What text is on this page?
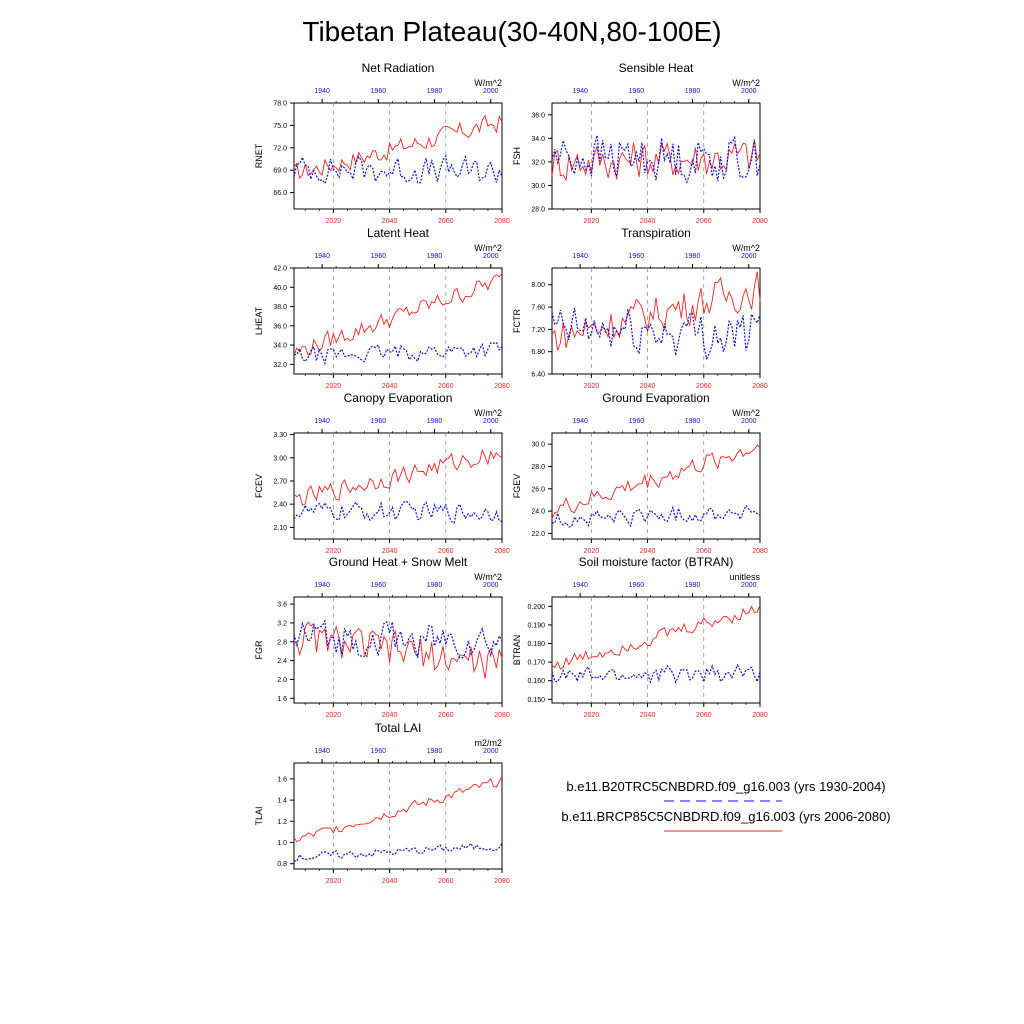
Tibetan Plateau(30-40N,80-100E)
Net Radiation
W/m^2
RNET
2020	2040	2060	2080
1940	1960	1980	2000
78.0
75.0
72.0
69.0
66.0
Sensible Heat
W/m^2
FSH
2020	2040	2060	2080
1940	1960	1980	2000
36.0
34.0
32.0
30.0
28.0
Latent Heat
W/m^2
LHEAT
2020	2040	2060	2080
1940	1960	1980	2000
42.0
40.0
38.0
36.0
34.0
32.0
Transpiration
W/m^2
FCTR
2020	2040	2060	2080
1940	1960	1980	2000
8.00
7.60
7.20
6.80
6.40
Canopy Evaporation
W/m^2
FCEV
2020	2040	2060	2080
1940	1960	1980	2000
3.30
3.00
2.70
2.40
2.10
Ground Evaporation
W/m^2
FGEV
2020	2040	2060	2080
1940	1960	1980	2000
30.0
28.0
26.0
24.0
22.0
Ground Heat + Snow Melt
W/m^2
FGR
2020	2040	2060	2080
1940	1960	1980	2000
3.6
3.2
2.8
2.4
2.0
1.6
Soil moisture factor (BTRAN)
unitless
BTRAN
2020	2040	2060	2080
1940	1960	1980	2000
0.200
0.190
0.180
0.170
0.160
0.150
Total LAI
m2/m2
TLAI
2020	2040	2060	2080
1940	1960	1980	2000
1.6
1.4
1.2
1.0
0.8
b.e11.B20TRC5CNBDRD.f09_g16.003 (yrs 1930-2004)
b.e11.BRCP85C5CNBDRD.f09_g16.003 (yrs 2006-2080)
